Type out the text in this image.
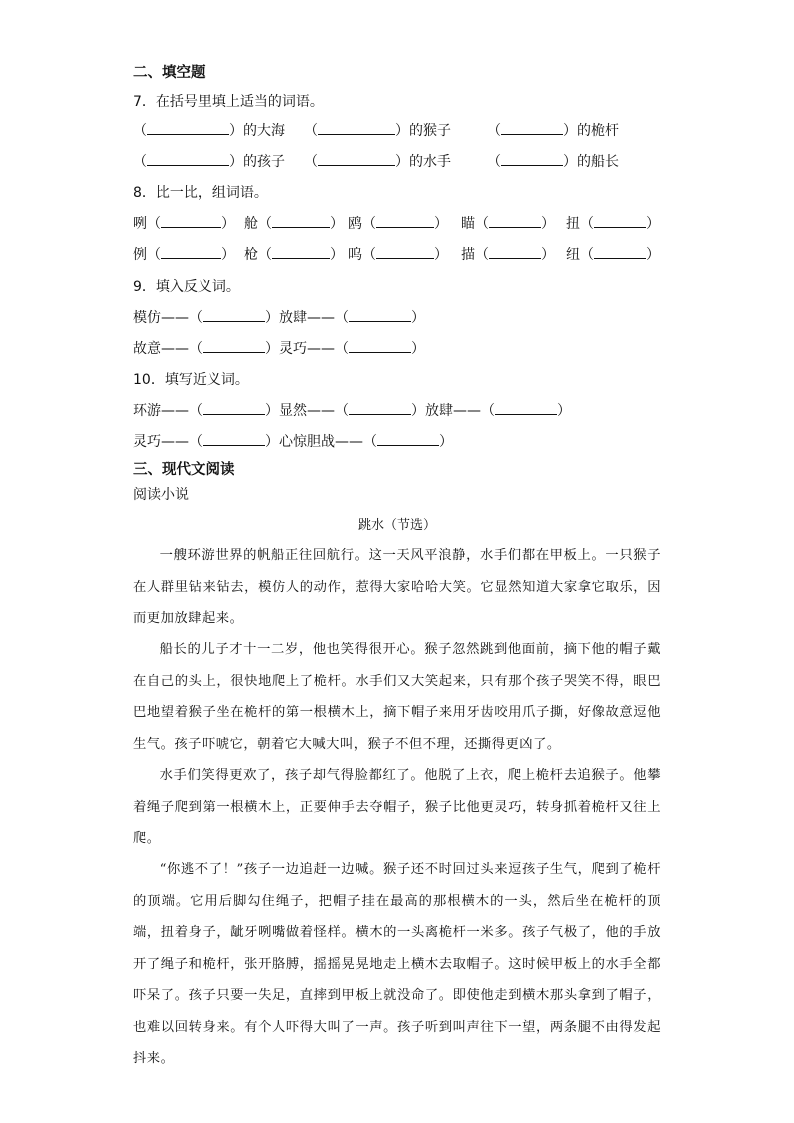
二、填空题
7．在括号里填上适当的词语。
（	）的大海 （	）的猴子	（	）的桅杆
（	）的孩子 （	）的水手	（	）的船长
8．比一比，组词语。
咧（	） 舱（	） 鸥（	） 瞄（	） 扭（	）
例（	） 枪（	） 呜（	） 描（	） 纽（	）
9．填入反义词。
模仿——（	） 放肆——（	）
故意——（	） 灵巧——（	）
10．填写近义词。
环游——（	） 显然——（	） 放肆——（	）
灵巧——（	） 心惊胆战——（	）
三、现代文阅读
阅读小说
跳水（节选）
一艘环游世界的帆船正往回航行。这一天风平浪静，水手们都在甲板上。一只猴子在人群里钻来钻去，模仿人的动作，惹得大家哈哈大笑。它显然知道大家拿它取乐，因而更加放肆起来。
船长的儿子才十一二岁，他也笑得很开心。猴子忽然跳到他面前，摘下他的帽子戴在自己的头上，很快地爬上了桅杆。水手们又大笑起来，只有那个孩子哭笑不得，眼巴巴地望着猴子坐在桅杆的第一根横木上，摘下帽子来用牙齿咬用爪子撕，好像故意逗他生气。孩子吓唬它，朝着它大喊大叫，猴子不但不理，还撕得更凶了。
水手们笑得更欢了，孩子却气得脸都红了。他脱了上衣，爬上桅杆去追猴子。他攀着绳子爬到第一根横木上，正要伸手去夺帽子，猴子比他更灵巧，转身抓着桅杆又往上爬。
“你逃不了！”孩子一边追赶一边喊。猴子还不时回过头来逗孩子生气，爬到了桅杆的顶端。它用后脚勾住绳子，把帽子挂在最高的那根横木的一头，然后坐在桅杆的顶端，扭着身子，龇牙咧嘴做着怪样。横木的一头离桅杆一米多。孩子气极了，他的手放开了绳子和桅杆，张开胳膊，摇摇晃晃地走上横木去取帽子。这时候甲板上的水手全都吓呆了。孩子只要一失足，直摔到甲板上就没命了。即使他走到横木那头拿到了帽子，也难以回转身来。有个人吓得大叫了一声。孩子听到叫声往下一望，两条腿不由得发起抖来。
